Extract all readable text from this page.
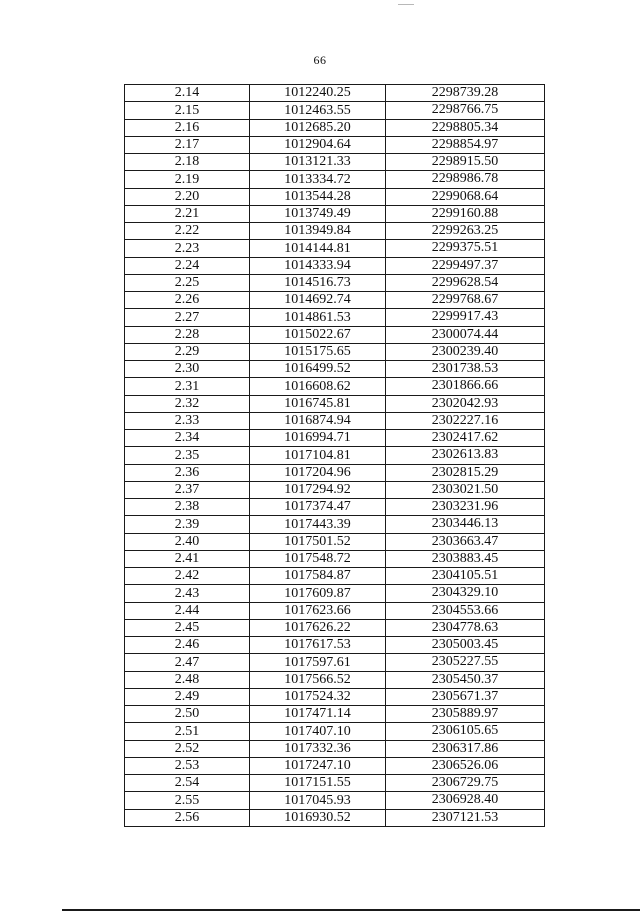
66
2.14	1012240.25	2298739.28
2.15	1012463.55	2298766.75
2.16	1012685.20	2298805.34
2.17	1012904.64	2298854.97
2.18	1013121.33	2298915.50
2.19	1013334.72	2298986.78
2.20	1013544.28	2299068.64
2.21	1013749.49	2299160.88
2.22	1013949.84	2299263.25
2.23	1014144.81	2299375.51
2.24	1014333.94	2299497.37
2.25	1014516.73	2299628.54
2.26	1014692.74	2299768.67
2.27	1014861.53	2299917.43
2.28	1015022.67	2300074.44
2.29	1015175.65	2300239.40
2.30	1016499.52	2301738.53
2.31	1016608.62	2301866.66
2.32	1016745.81	2302042.93
2.33	1016874.94	2302227.16
2.34	1016994.71	2302417.62
2.35	1017104.81	2302613.83
2.36	1017204.96	2302815.29
2.37	1017294.92	2303021.50
2.38	1017374.47	2303231.96
2.39	1017443.39	2303446.13
2.40	1017501.52	2303663.47
2.41	1017548.72	2303883.45
2.42	1017584.87	2304105.51
2.43	1017609.87	2304329.10
2.44	1017623.66	2304553.66
2.45	1017626.22	2304778.63
2.46	1017617.53	2305003.45
2.47	1017597.61	2305227.55
2.48	1017566.52	2305450.37
2.49	1017524.32	2305671.37
2.50	1017471.14	2305889.97
2.51	1017407.10	2306105.65
2.52	1017332.36	2306317.86
2.53	1017247.10	2306526.06
2.54	1017151.55	2306729.75
2.55	1017045.93	2306928.40
2.56	1016930.52	2307121.53
